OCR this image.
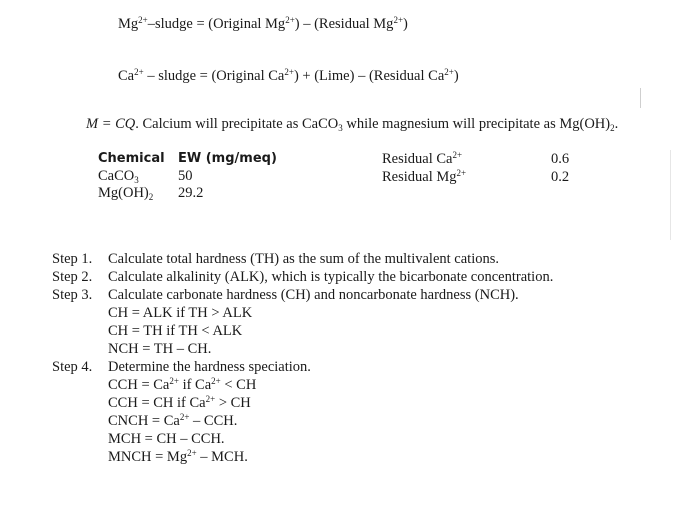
$Mg^{2+}$–sludge = (Original $Mg^{2+}$) – (Residual $Mg^{2+}$)
$Ca^{2+}$ – sludge = (Original $Ca^{2+}$) + (Lime) – (Residual $Ca^{2+}$)
M = CQ. Calcium will precipitate as CaCO$_3$ while magnesium will precipitate as $Mg(OH)_2$.
Chemical EW (mg/meq)
CaCO$_3$	50
$Mg(OH)_2$ 29.2
Residual $Ca^{2+}$	0.6
Residual $Mg^{2+}$	0.2
Step 1. Calculate total hardness (TH) as the sum of the multivalent cations.
Step 2. Calculate alkalinity (ALK), which is typically the bicarbonate concentration.
Step 3. Calculate carbonate hardness (CH) and noncarbonate hardness (NCH).
CH = ALK if TH > ALK
CH = TH if TH < ALK
NCH = TH – CH.
Step 4. Determine the hardness speciation.
CCH = $Ca^{2+}$ if $Ca^{2+}$ < CH
CCH = CH if $Ca^{2+}$ > CH
CNCH = $Ca^{2+}$ – CCH.
MCH = CH – CCH.
MNCH = $Mg^{2+}$ – MCH.
